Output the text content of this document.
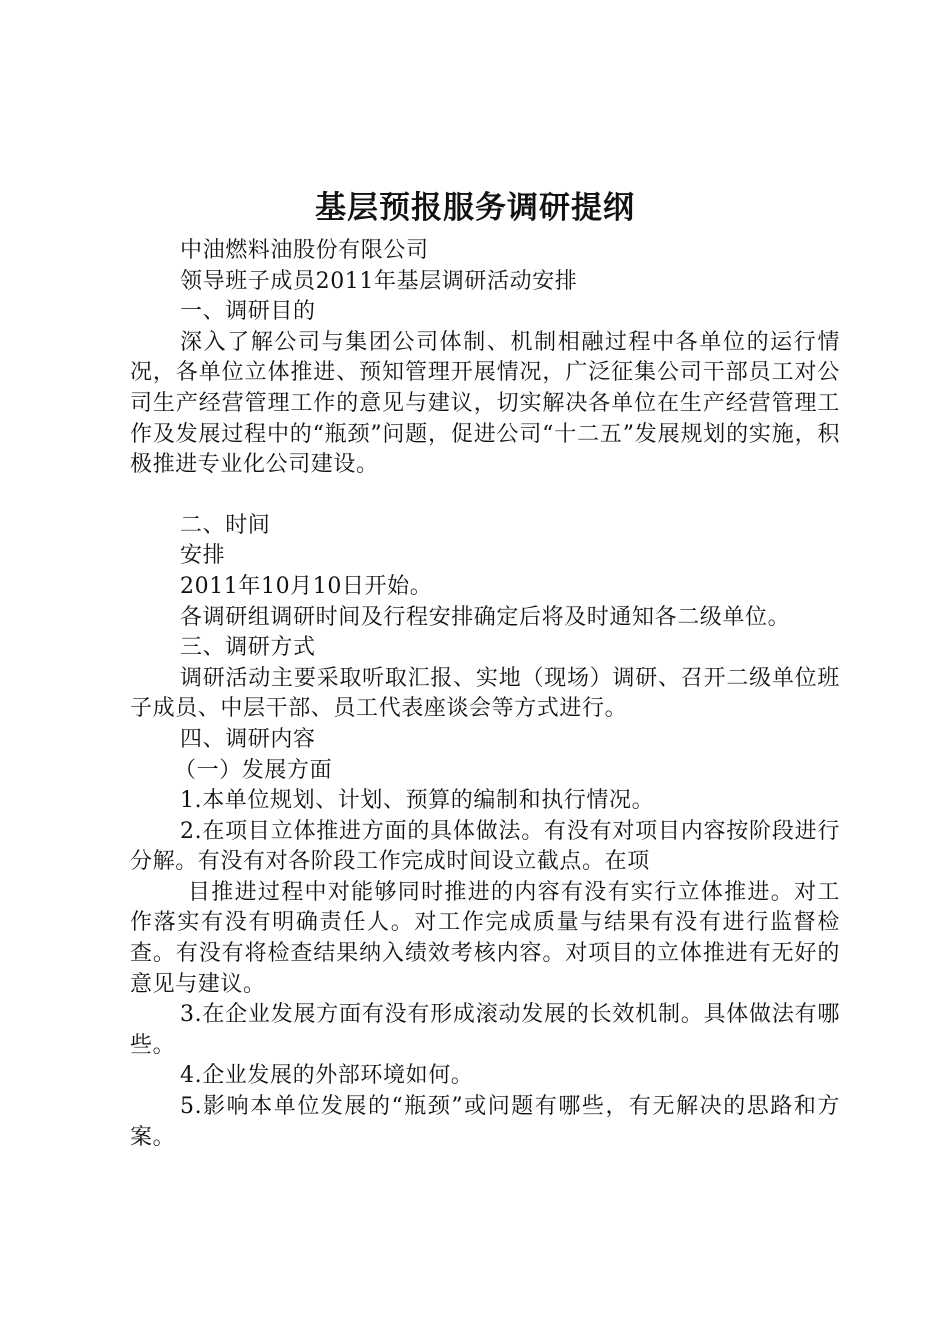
基层预报服务调研提纲

中油燃料油股份有限公司

领导班子成员2011年基层调研活动安排

一、调研目的

深入了解公司与集团公司体制、机制相融过程中各单位的运行情况，各单位立体推进、预知管理开展情况，广泛征集公司干部员工对公司生产经营管理工作的意见与建议，切实解决各单位在生产经营管理工作及发展过程中的“瓶颈”问题，促进公司“十二五”发展规划的实施，积极推进专业化公司建设。

二、时间

安排

2011年10月10日开始。

各调研组调研时间及行程安排确定后将及时通知各二级单位。

三、调研方式

调研活动主要采取听取汇报、实地（现场）调研、召开二级单位班子成员、中层干部、员工代表座谈会等方式进行。

四、调研内容

（一）发展方面

1.本单位规划、计划、预算的编制和执行情况。

2.在项目立体推进方面的具体做法。有没有对项目内容按阶段进行分解。有没有对各阶段工作完成时间设立截点。在项

目推进过程中对能够同时推进的内容有没有实行立体推进。对工作落实有没有明确责任人。对工作完成质量与结果有没有进行监督检查。有没有将检查结果纳入绩效考核内容。对项目的立体推进有无好的意见与建议。

3.在企业发展方面有没有形成滚动发展的长效机制。具体做法有哪些。

4.企业发展的外部环境如何。

5.影响本单位发展的“瓶颈”或问题有哪些，有无解决的思路和方案。
